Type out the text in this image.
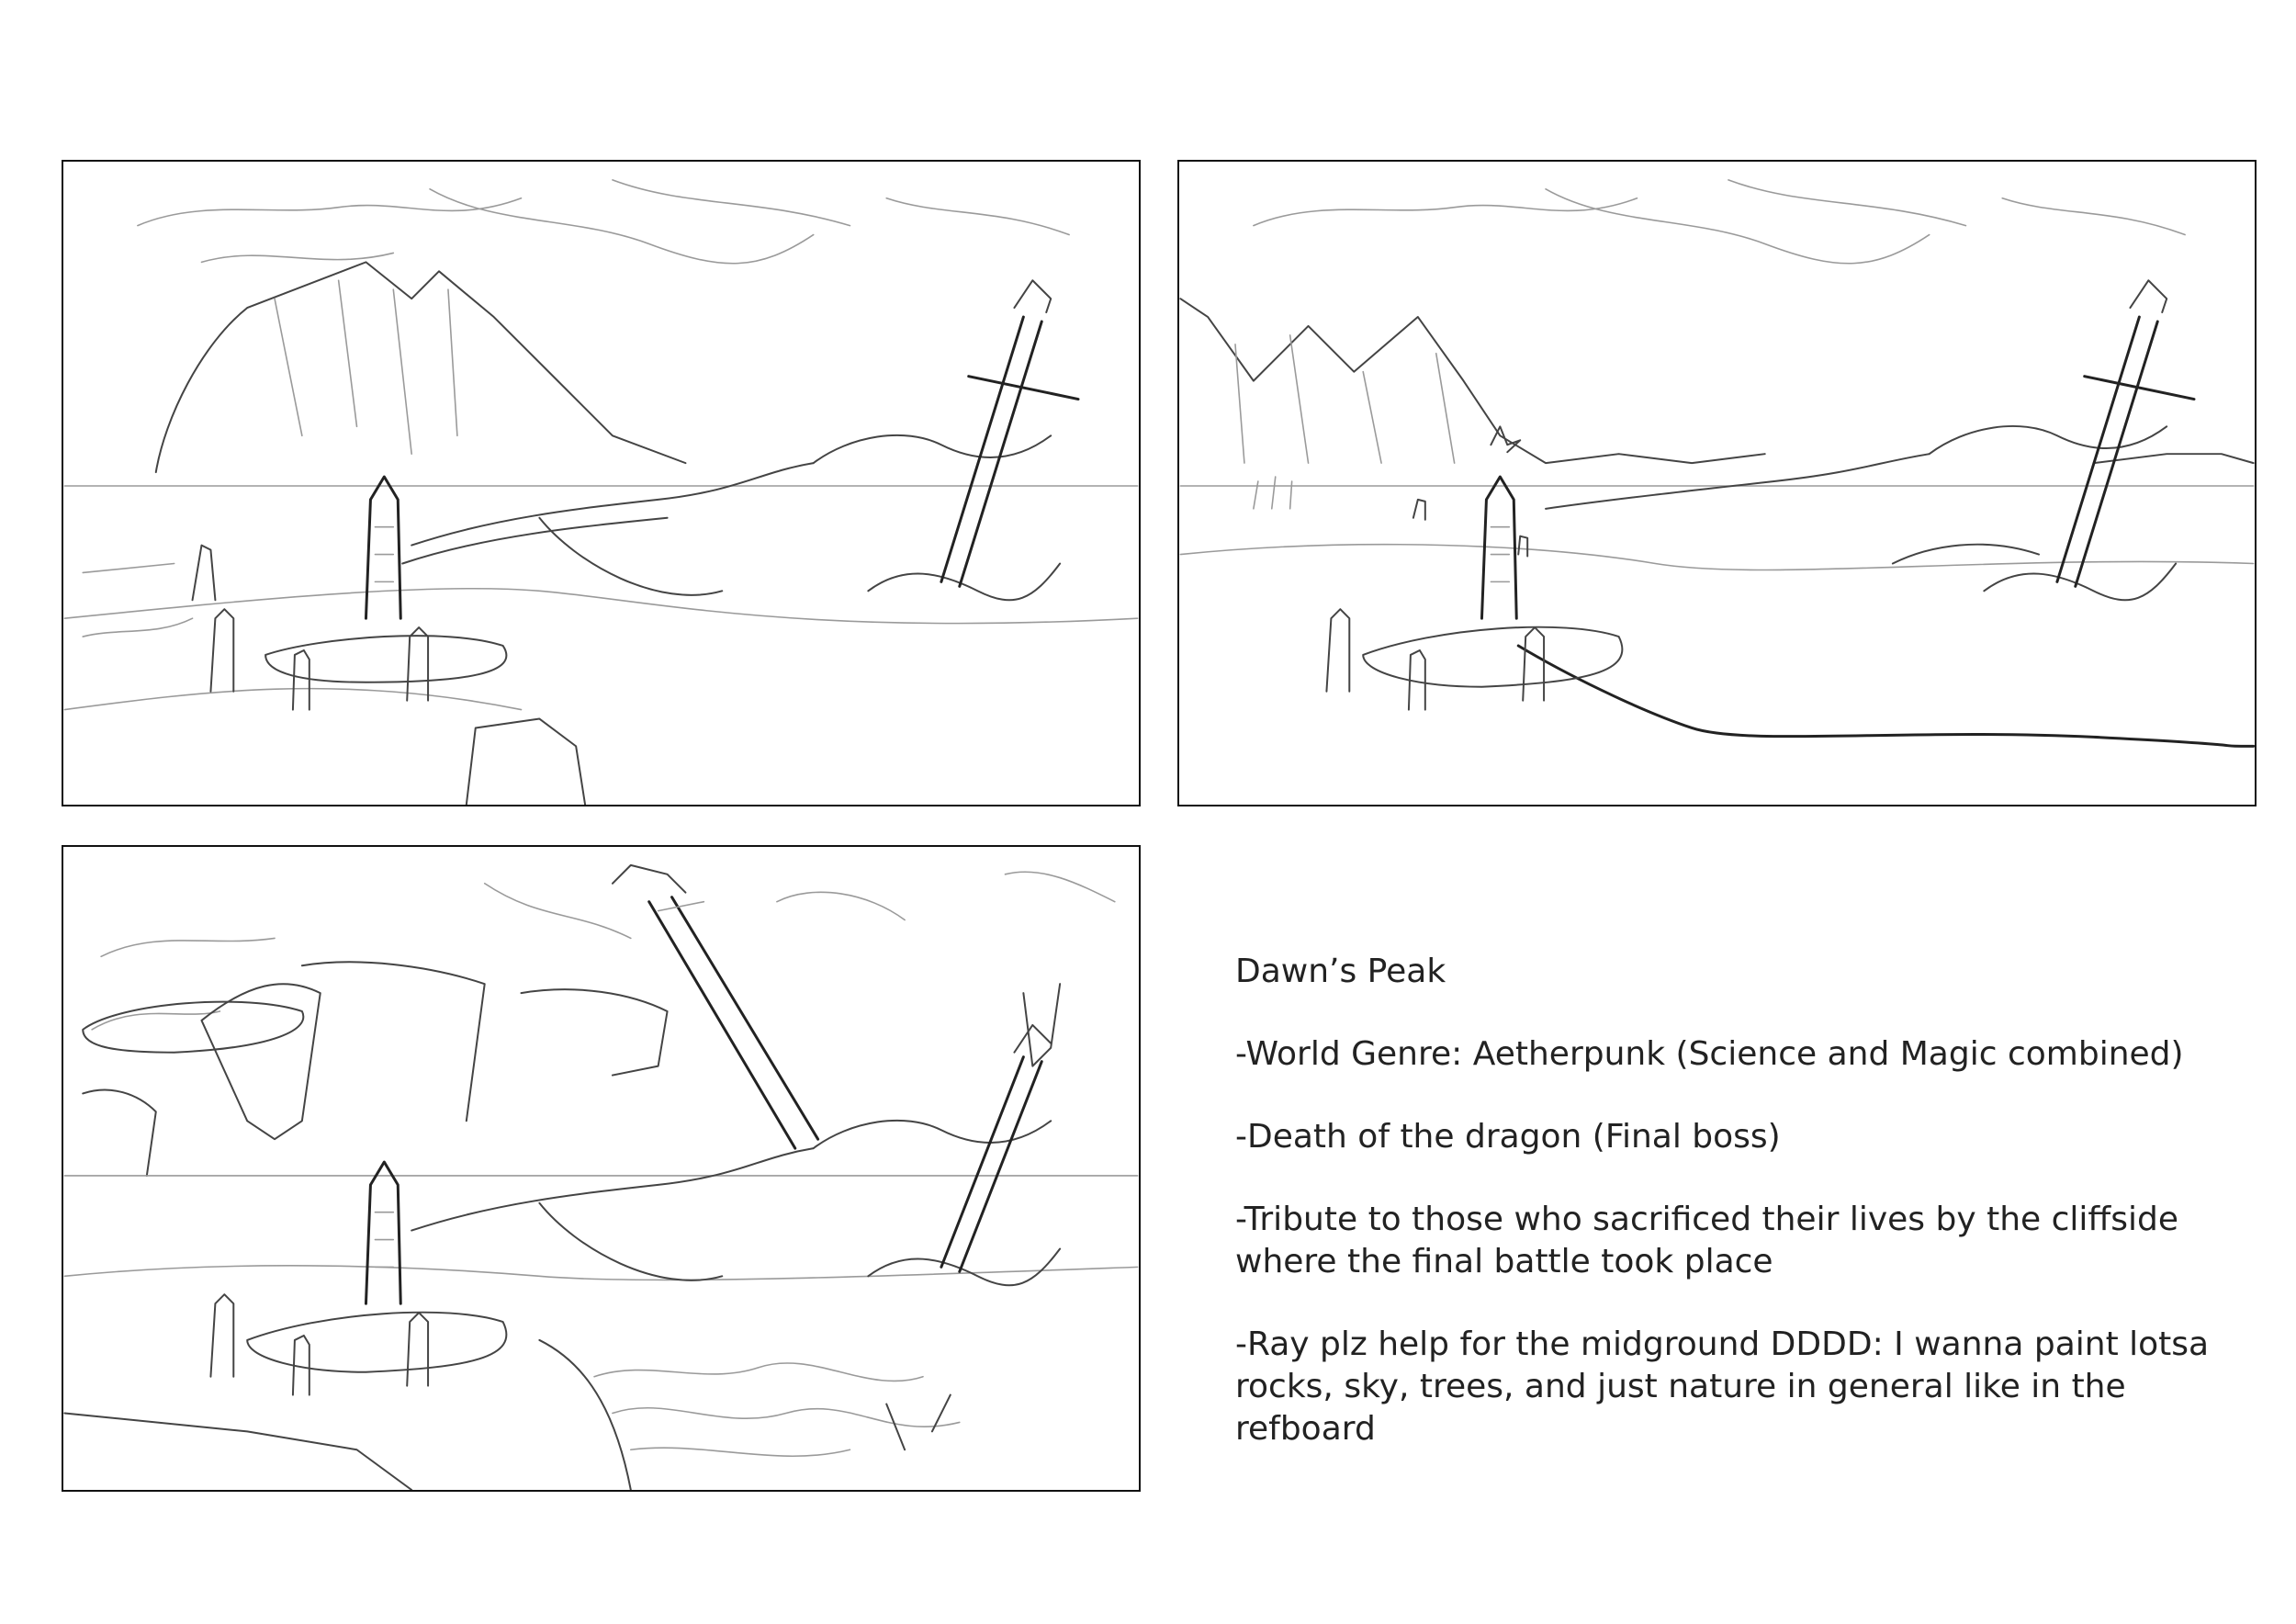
Dawn’s Peak

-World Genre: Aetherpunk (Science and Magic combined)

-Death of the dragon (Final boss)

-Tribute to those who sacrificed their lives by the cliffside where the final battle took place

-Ray plz help for the midground DDDD: I wanna paint lotsa rocks, sky, trees, and just nature in general like in the refboard
